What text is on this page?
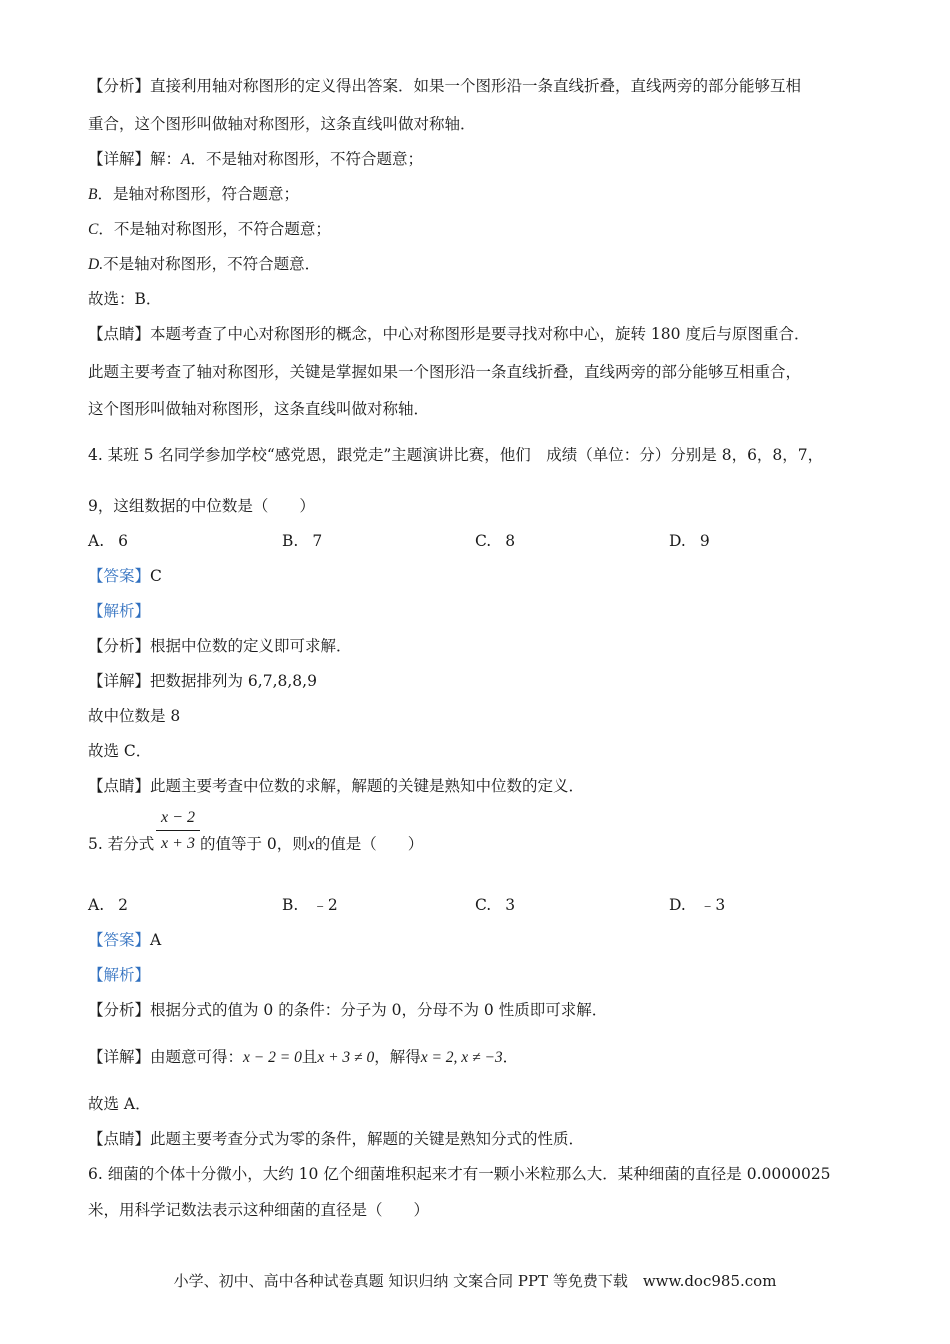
【分析】直接利用轴对称图形的定义得出答案．如果一个图形沿一条直线折叠，直线两旁的部分能够互相
重合，这个图形叫做轴对称图形，这条直线叫做对称轴．
【详解】解：A．不是轴对称图形，不符合题意；
B．是轴对称图形，符合题意；
C．不是轴对称图形，不符合题意；
D.不是轴对称图形，不符合题意．
故选：B．
【点睛】本题考查了中心对称图形的概念，中心对称图形是要寻找对称中心，旋转 180 度后与原图重合．
此题主要考查了轴对称图形，关键是掌握如果一个图形沿一条直线折叠，直线两旁的部分能够互相重合，
这个图形叫做轴对称图形，这条直线叫做对称轴．
4. 某班 5 名同学参加学校“感党恩，跟党走”主题演讲比赛，他们　成绩（单位：分）分别是 8，6，8，7，
9，这组数据的中位数是（　　）
A. 6	B. 7	C. 8	D. 9
【答案】C
【解析】
【分析】根据中位数的定义即可求解．
【详解】把数据排列为 6,7,8,8,9
故中位数是 8
故选 C．
【点睛】此题主要考查中位数的求解，解题的关键是熟知中位数的定义．
x − 2
x + 3
5. 若分式	的值等于 0，则x的值是（　　）
A. 2	B. ﹣2	C. 3	D. ﹣3
【答案】A
【解析】
【分析】根据分式的值为 0 的条件：分子为 0，分母不为 0 性质即可求解．
【详解】由题意可得：x − 2 = 0且x + 3 ≠ 0，解得x = 2, x ≠ −3．
故选 A．
【点睛】此题主要考查分式为零的条件，解题的关键是熟知分式的性质．
6. 细菌的个体十分微小，大约 10 亿个细菌堆积起来才有一颗小米粒那么大．某种细菌的直径是 0.0000025
米，用科学记数法表示这种细菌的直径是（　　）
小学、初中、高中各种试卷真题 知识归纳 文案合同 PPT 等免费下载　www.doc985.com
